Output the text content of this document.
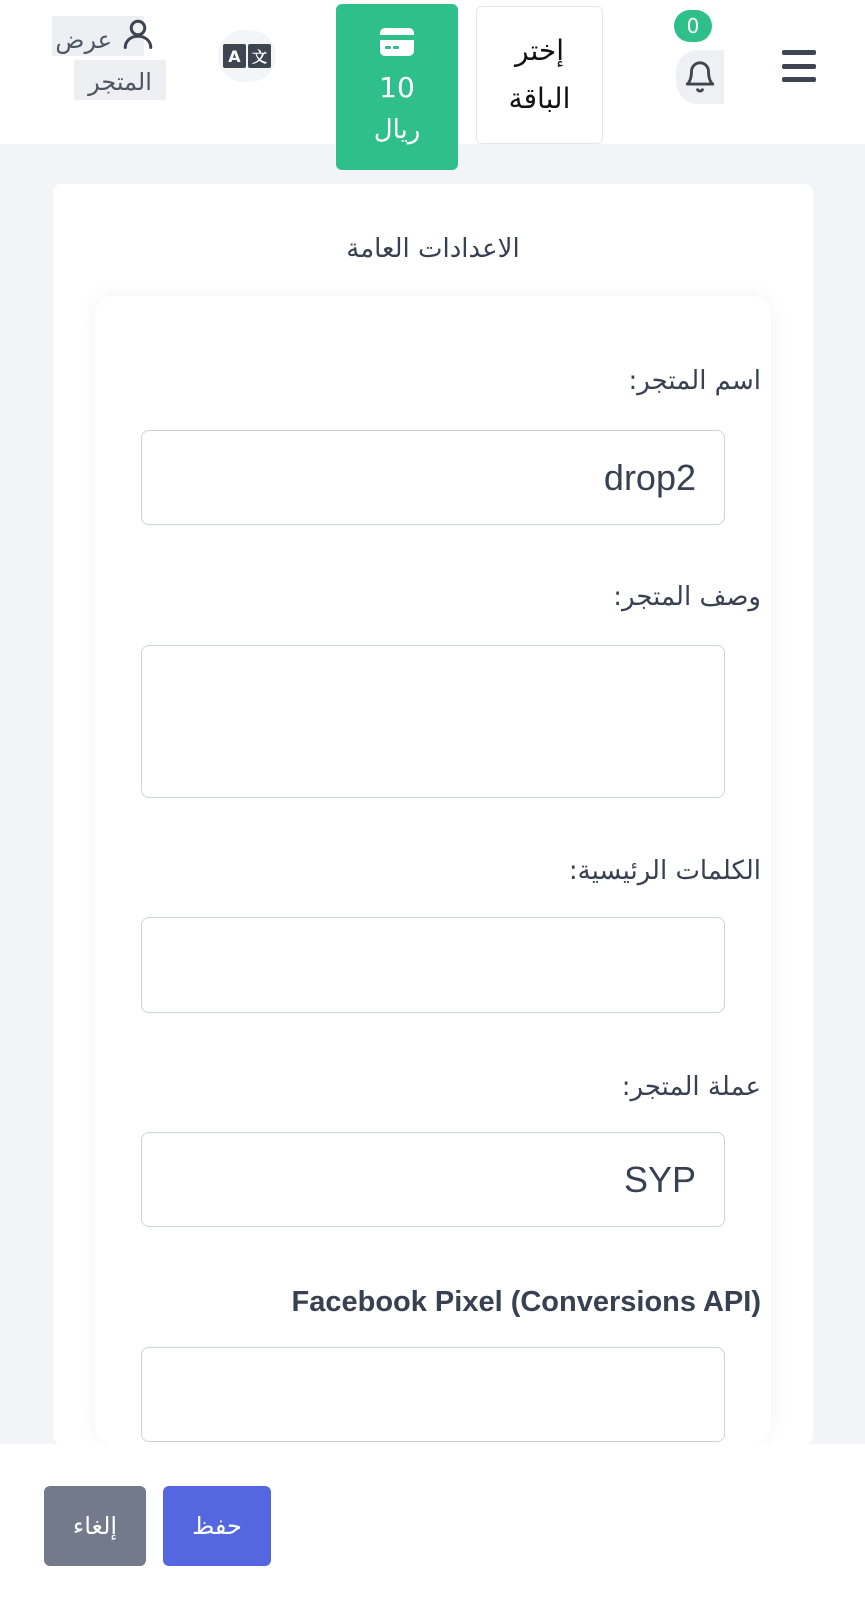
0
إختر
الباقة
10
ريال
A 文
عرض
المتجر
الاعدادات العامة
اسم المتجر:
drop2
وصف المتجر:
الكلمات الرئيسية:
عملة المتجر:
SYP
Facebook Pixel (Conversions API)
إلغاء	حفظ
